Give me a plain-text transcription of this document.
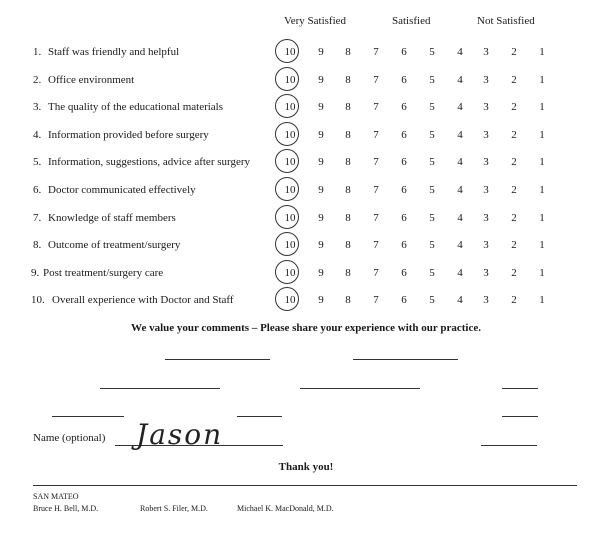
Very Satisfied	Satisfied	Not Satisfied
1. Staff was friendly and helpful	10	9	8	7	6	5	4	3	2	1
2. Office environment	10	9	8	7	6	5	4	3	2	1
3. The quality of the educational materials	10	9	8	7	6	5	4	3	2	1
4. Information provided before surgery	10	9	8	7	6	5	4	3	2	1
5. Information, suggestions, advice after surgery	10	9	8	7	6	5	4	3	2	1
6. Doctor communicated effectively	10	9	8	7	6	5	4	3	2	1
7. Knowledge of staff members	10	9	8	7	6	5	4	3	2	1
8. Outcome of treatment/surgery	10	9	8	7	6	5	4	3	2	1
9. Post treatment/surgery care	10	9	8	7	6	5	4	3	2	1
10. Overall experience with Doctor and Staff	10	9	8	7	6	5	4	3	2	1
We value your comments – Please share your experience with our practice.
Name (optional) Jason
Thank you!
SAN MATEO
Bruce H. Bell, M.D.	Robert S. Filer, M.D.	Michael K. MacDonald, M.D.
